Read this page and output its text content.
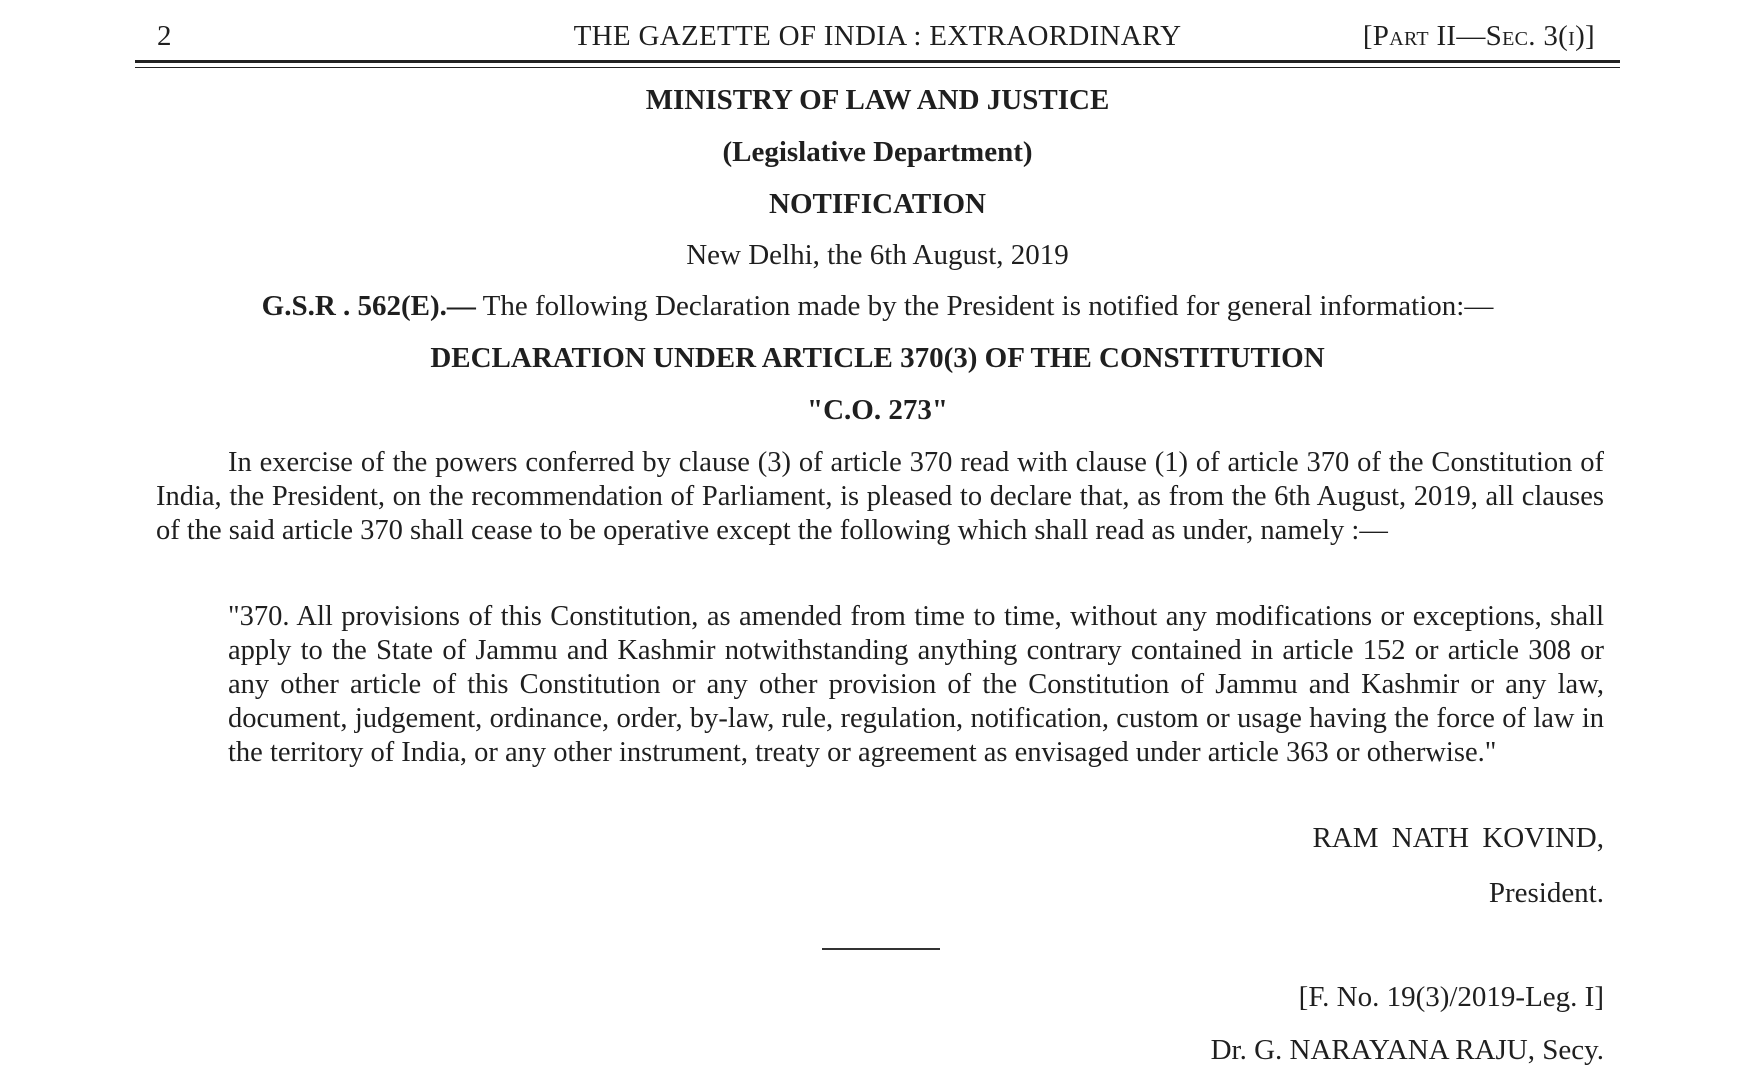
2	THE GAZETTE OF INDIA : EXTRAORDINARY	[Part II—Sec. 3(i)]
MINISTRY OF LAW AND JUSTICE
(Legislative Department)
NOTIFICATION
New Delhi, the 6th August, 2019
G.S.R . 562(E).— The following Declaration made by the President is notified for general information:—
DECLARATION UNDER ARTICLE 370(3) OF THE CONSTITUTION
"C.O. 273"
In exercise of the powers conferred by clause (3) of article 370 read with clause (1) of article 370 of the Constitution of India, the President, on the recommendation of Parliament, is pleased to declare that, as from the 6th August, 2019, all clauses of the said article 370 shall cease to be operative except the following which shall read as under, namely :—
"370. All provisions of this Constitution, as amended from time to time, without any modifications or exceptions, shall apply to the State of Jammu and Kashmir notwithstanding anything contrary contained in article 152 or article 308 or any other article of this Constitution or any other provision of the Constitution of Jammu and Kashmir or any law, document, judgement, ordinance, order, by-law, rule, regulation, notification, custom or usage having the force of law in the territory of India, or any other instrument, treaty or agreement as envisaged under article 363 or otherwise."
RAM NATH KOVIND,
President.
[F. No. 19(3)/2019-Leg. I]
Dr. G. NARAYANA RAJU, Secy.
